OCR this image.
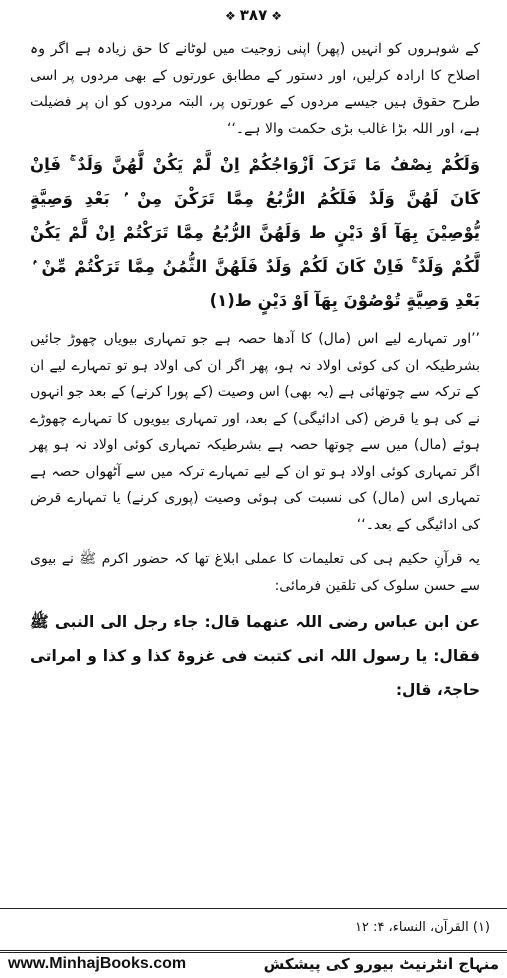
❖ ۳۸۷ ❖

کے شوہروں کو انہیں (پھر) اپنی زوجیت میں لوٹانے کا حق زیادہ ہے اگر وہ اصلاح کا ارادہ کرلیں، اور دستور کے مطابق عورتوں کے بھی مردوں پر اسی طرح حقوق ہیں جیسے مردوں کے عورتوں پر، البتہ مردوں کو ان پر فضیلت ہے، اور اللہ بڑا غالب بڑی حکمت والا ہے۔‘‘

وَلَکُمْ نِصْفُ مَا تَرَکَ اَزْوَاجُکُمْ اِنْ لَّمْ یَکُنْ لَّهُنَّ وَلَدٌ ۚ فَاِنْ کَانَ لَهُنَّ وَلَدٌ فَلَکُمُ الرُّبُعُ مِمَّا تَرَکْنَ مِنْ ۢ بَعْدِ وَصِیَّةٍ یُّوْصِیْنَ بِهَآ اَوْ دَیْنٍ ط وَلَهُنَّ الرُّبُعُ مِمَّا تَرَکْتُمْ اِنْ لَّمْ یَکُنْ لَّکُمْ وَلَدٌ ۚ فَاِنْ کَانَ لَکُمْ وَلَدٌ فَلَهُنَّ الثُّمُنُ مِمَّا تَرَکْتُمْ مِّنْ ۢ بَعْدِ وَصِیَّةٍ تُوْصُوْنَ بِهَآ اَوْ دَیْنٍ ط(۱)

’’اور تمہارے لیے اس (مال) کا آدھا حصہ ہے جو تمہاری بیویاں چھوڑ جائیں بشرطیکہ ان کی کوئی اولاد نہ ہو، پھر اگر ان کی اولاد ہو تو تمہارے لیے ان کے ترکہ سے چوتھائی ہے (یہ بھی) اس وصیت (کے پورا کرنے) کے بعد جو انہوں نے کی ہو یا قرض (کی ادائیگی) کے بعد، اور تمہاری بیویوں کا تمہارے چھوڑے ہوئے (مال) میں سے چوتھا حصہ ہے بشرطیکہ تمہاری کوئی اولاد نہ ہو پھر اگر تمہاری کوئی اولاد ہو تو ان کے لیے تمہارے ترکہ میں سے آٹھواں حصہ ہے تمہاری اس (مال) کی نسبت کی ہوئی وصیت (پوری کرنے) یا تمہارے قرض کی ادائیگی کے بعد۔‘‘

یہ قرآنِ حکیم ہی کی تعلیمات کا عملی ابلاغ تھا کہ حضور اکرم ﷺ نے بیوی سے حسن سلوک کی تلقین فرمائی:

عن ابن عباس رضی اللہ عنھما قال: جاء رجل الی النبی ﷺ فقال: یا رسول اللہ انی کتبت فی غزوۃ کذا و کذا و امراتی حاجۃ، قال:

(۱) القرآن، النساء، ۴: ۱۲
www.MinhajBooks.com	منہاج انٹرنیٹ بیورو کی پیشکش
